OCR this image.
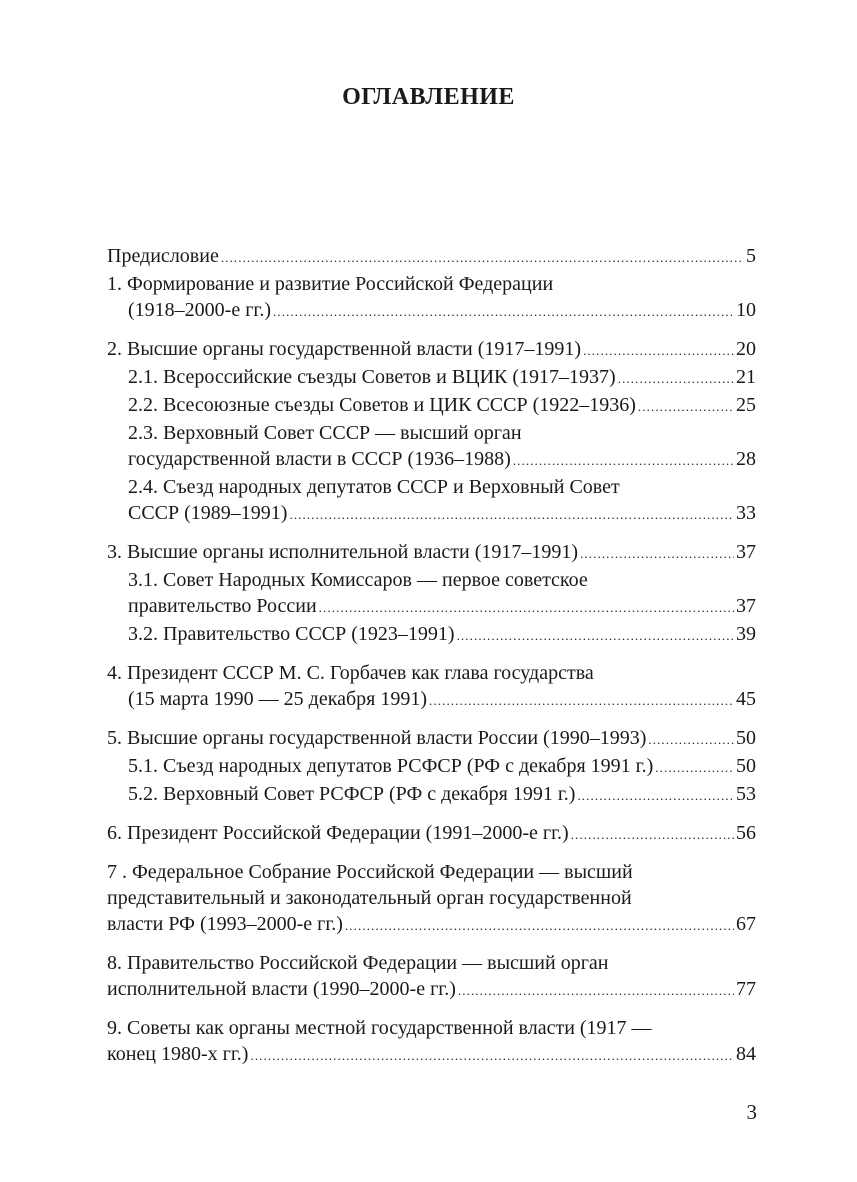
ОГЛАВЛЕНИЕ
Предисловие .....	5
1. Формирование и развитие Российской Федерации
(1918–2000-е гг.) .....	10
2. Высшие органы государственной власти (1917–1991) .....	20
2.1. Всероссийские съезды Советов и ВЦИК (1917–1937) .....	21
2.2. Всесоюзные съезды Советов и ЦИК СССР (1922–1936) .....	25
2.3. Верховный Совет СССР — высший орган
государственной власти в СССР (1936–1988) .....	28
2.4. Съезд народных депутатов СССР и Верховный Совет
СССР (1989–1991) .....	33
3. Высшие органы исполнительной власти (1917–1991) .....	37
3.1. Совет Народных Комиссаров — первое советское
правительство России .....	37
3.2. Правительство СССР (1923–1991) .....	39
4. Президент СССР М. С. Горбачев как глава государства
(15 марта 1990 — 25 декабря 1991) .....	45
5. Высшие органы государственной власти России (1990–1993) .....	50
5.1. Съезд народных депутатов РСФСР (РФ с декабря 1991 г.) .....	50
5.2. Верховный Совет РСФСР (РФ с декабря 1991 г.) .....	53
6. Президент Российской Федерации (1991–2000-е гг.) .....	56
7 . Федеральное Собрание Российской Федерации — высший
представительный и законодательный орган государственной
власти РФ (1993–2000-е гг.) .....	67
8. Правительство Российской Федерации — высший орган
исполнительной власти (1990–2000-е гг.) .....	77
9. Советы как органы местной государственной власти (1917 —
конец 1980-х гг.) .....	84
3
